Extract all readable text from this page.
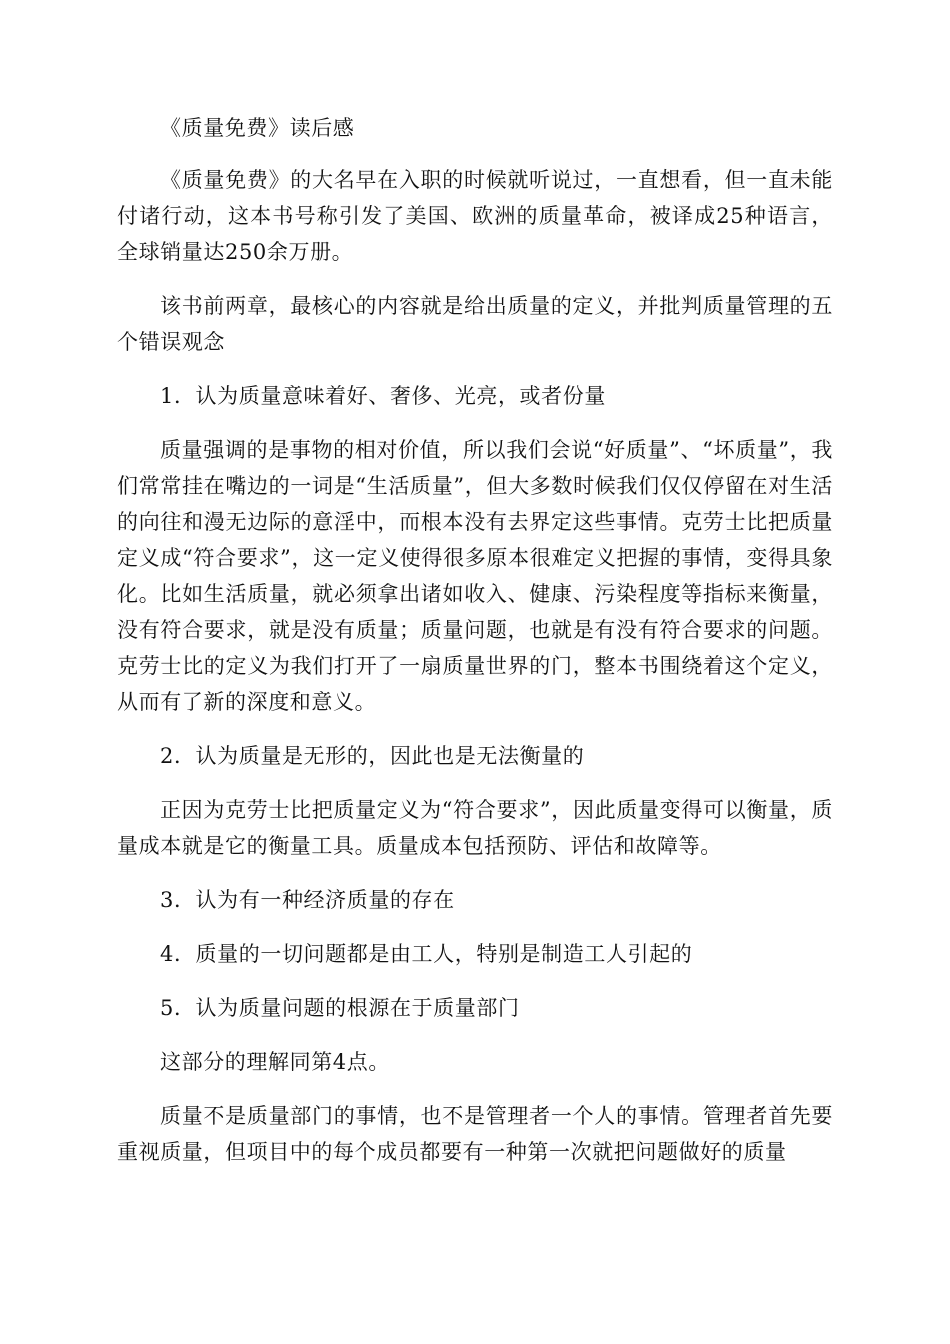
《质量免费》读后感

《质量免费》的大名早在入职的时候就听说过，一直想看，但一直未能付诸行动，这本书号称引发了美国、欧洲的质量革命，被译成25种语言，全球销量达250余万册。

该书前两章，最核心的内容就是给出质量的定义，并批判质量管理的五个错误观念

1．认为质量意味着好、奢侈、光亮，或者份量

质量强调的是事物的相对价值，所以我们会说“好质量”、“坏质量”，我们常常挂在嘴边的一词是“生活质量”，但大多数时候我们仅仅停留在对生活的向往和漫无边际的意淫中，而根本没有去界定这些事情。克劳士比把质量定义成“符合要求”，这一定义使得很多原本很难定义把握的事情，变得具象化。比如生活质量，就必须拿出诸如收入、健康、污染程度等指标来衡量，没有符合要求，就是没有质量；质量问题，也就是有没有符合要求的问题。克劳士比的定义为我们打开了一扇质量世界的门，整本书围绕着这个定义，从而有了新的深度和意义。

2．认为质量是无形的，因此也是无法衡量的

正因为克劳士比把质量定义为“符合要求”，因此质量变得可以衡量，质量成本就是它的衡量工具。质量成本包括预防、评估和故障等。

3．认为有一种经济质量的存在

4．质量的一切问题都是由工人，特别是制造工人引起的

5．认为质量问题的根源在于质量部门

这部分的理解同第4点。

质量不是质量部门的事情，也不是管理者一个人的事情。管理者首先要重视质量，但项目中的每个成员都要有一种第一次就把问题做好的质量
